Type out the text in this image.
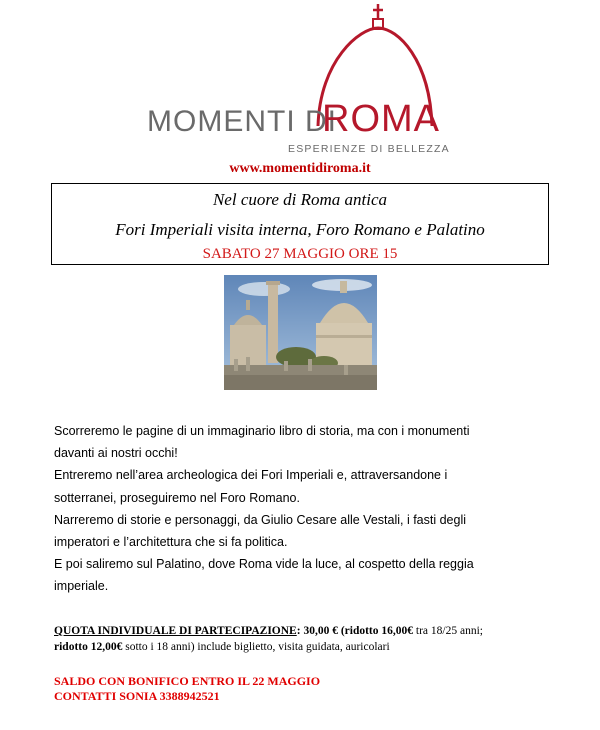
MOMENTI DI
ROMA
ESPERIENZE DI BELLEZZA
www.momentidiroma.it
Nel cuore di Roma antica
Fori Imperiali visita interna, Foro Romano e Palatino
SABATO 27 MAGGIO ORE 15

Scorreremo le pagine di un immaginario libro di storia, ma con i monumenti

davanti ai nostri occhi!

Entreremo nell’area archeologica dei Fori Imperiali e, attraversandone i

sotterranei, proseguiremo nel Foro Romano.

Narreremo di storie e personaggi, da Giulio Cesare alle Vestali, i fasti degli

imperatori e l’architettura che si fa politica.

E poi saliremo sul Palatino, dove Roma vide la luce, al cospetto della reggia

imperiale.

QUOTA INDIVIDUALE DI PARTECIPAZIONE: 30,00 € (ridotto 16,00€ tra 18/25 anni;
ridotto 12,00€ sotto i 18 anni) include biglietto, visita guidata, auricolari
SALDO CON BONIFICO ENTRO IL 22 MAGGIO
CONTATTI SONIA 3388942521
